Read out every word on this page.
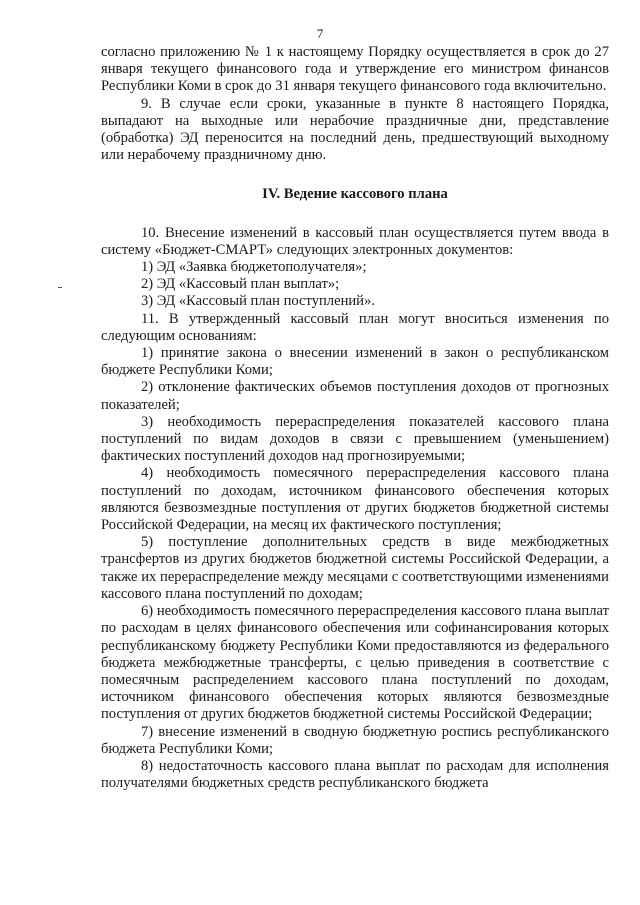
7

согласно приложению № 1 к настоящему Порядку осуществляется в срок до 27 января текущего финансового года и утверждение его министром финансов Республики Коми в срок до 31 января текущего финансового года включительно.

9. В случае если сроки, указанные в пункте 8 настоящего Порядка, выпадают на выходные или нерабочие праздничные дни, представление (обработка) ЭД переносится на последний день, предшествующий выходному или нерабочему праздничному дню.

IV. Ведение кассового плана

10. Внесение изменений в кассовый план осуществляется путем ввода в систему «Бюджет-СМАРТ» следующих электронных документов:

1) ЭД «Заявка бюджетополучателя»;

2) ЭД «Кассовый план выплат»;

3) ЭД «Кассовый план поступлений».

11. В утвержденный кассовый план могут вноситься изменения по следующим основаниям:

1) принятие закона о внесении изменений в закон о республиканском бюджете Республики Коми;

2) отклонение фактических объемов поступления доходов от прогнозных показателей;

3) необходимость перераспределения показателей кассового плана поступлений по видам доходов в связи с превышением (уменьшением) фактических поступлений доходов над прогнозируемыми;

4) необходимость помесячного перераспределения кассового плана поступлений по доходам, источником финансового обеспечения которых являются безвозмездные поступления от других бюджетов бюджетной системы Российской Федерации, на месяц их фактического поступления;

5) поступление дополнительных средств в виде межбюджетных трансфертов из других бюджетов бюджетной системы Российской Федерации, а также их перераспределение между месяцами с соответствующими изменениями кассового плана поступлений по доходам;

6) необходимость помесячного перераспределения кассового плана выплат по расходам в целях финансового обеспечения или софинансирования которых республиканскому бюджету Республики Коми предоставляются из федерального бюджета межбюджетные трансферты, с целью приведения в соответствие с помесячным распределением кассового плана поступлений по доходам, источником финансового обеспечения которых являются безвозмездные поступления от других бюджетов бюджетной системы Российской Федерации;

7) внесение изменений в сводную бюджетную роспись республиканского бюджета Республики Коми;

8) недостаточность кассового плана выплат по расходам для исполнения получателями бюджетных средств республиканского бюджета
